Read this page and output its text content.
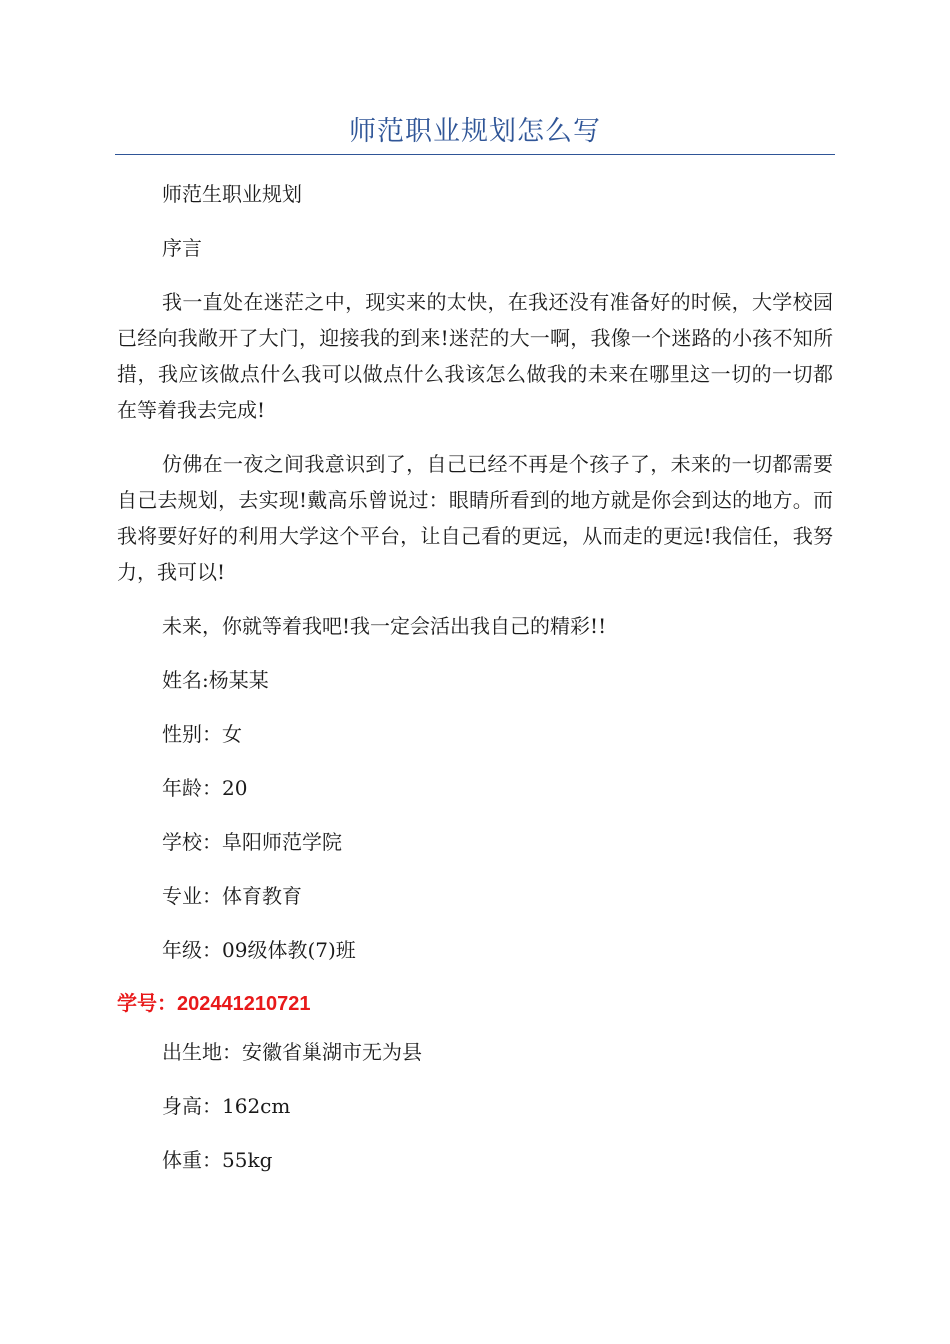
师范职业规划怎么写

师范生职业规划

序言

我一直处在迷茫之中，现实来的太快，在我还没有准备好的时候，大学校园已经向我敞开了大门，迎接我的到来!迷茫的大一啊，我像一个迷路的小孩不知所措，我应该做点什么我可以做点什么我该怎么做我的未来在哪里这一切的一切都在等着我去完成!

仿佛在一夜之间我意识到了，自己已经不再是个孩子了，未来的一切都需要自己去规划，去实现!戴高乐曾说过：眼睛所看到的地方就是你会到达的地方。而我将要好好的利用大学这个平台，让自己看的更远，从而走的更远!我信任，我努力，我可以!

未来，你就等着我吧!我一定会活出我自己的精彩!!

姓名:杨某某

性别：女

年龄：20

学校：阜阳师范学院

专业：体育教育

年级：09级体教(7)班

学号：202441210721

出生地：安徽省巢湖市无为县

身高：162cm

体重：55kg
